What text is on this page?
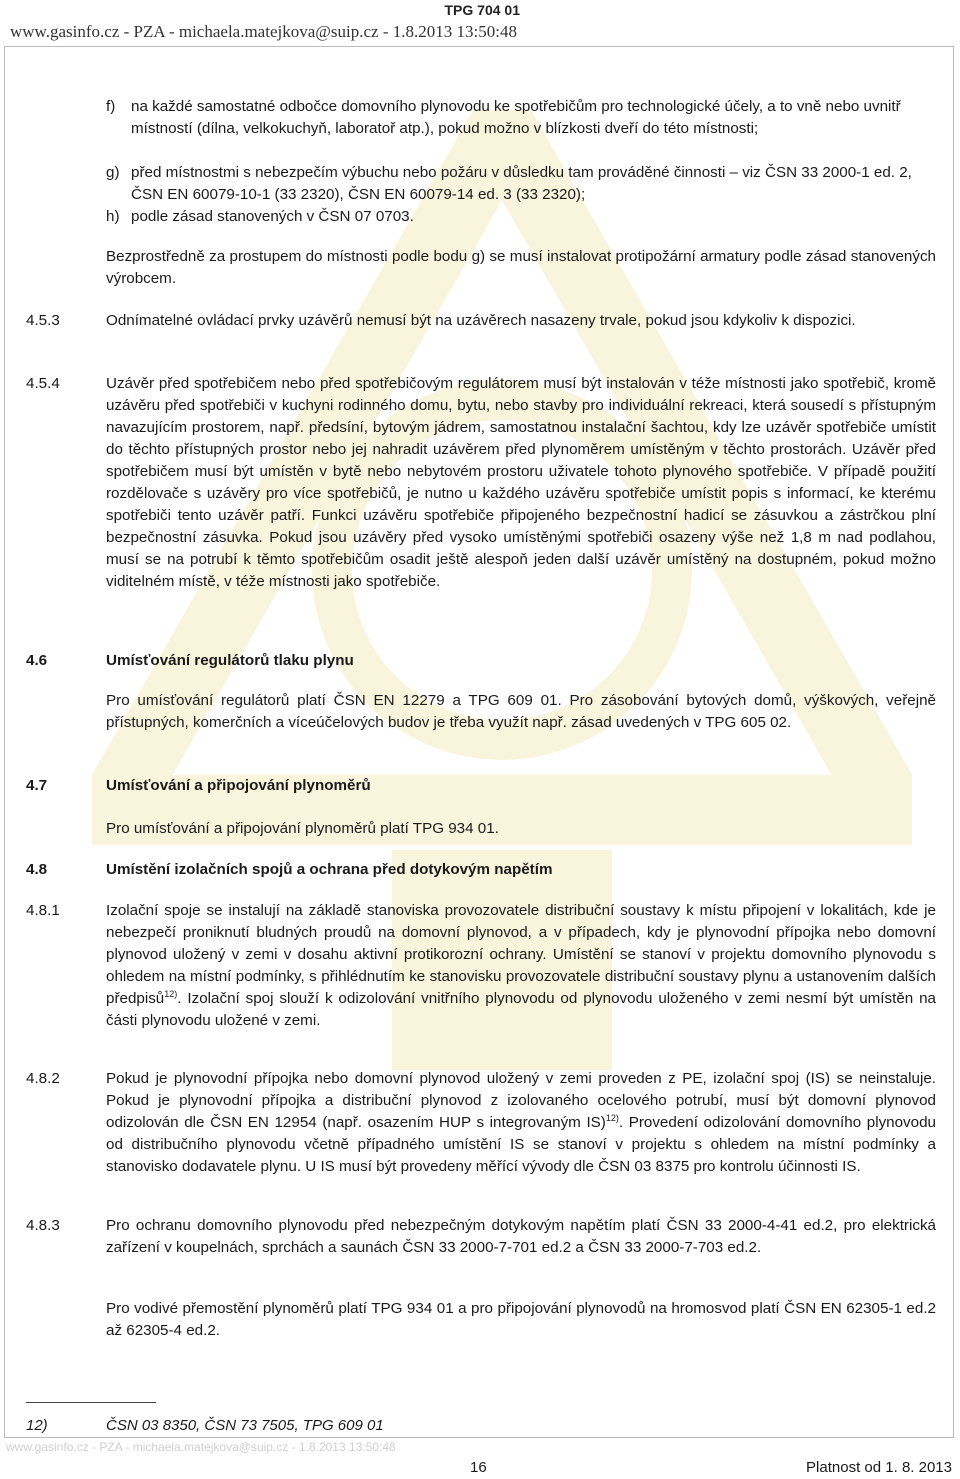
TPG 704 01
www.gasinfo.cz - PZA - michaela.matejkova@suip.cz - 1.8.2013 13:50:48
f)	na každé samostatné odbočce domovního plynovodu ke spotřebičům pro technologické účely, a to vně nebo uvnitř místností (dílna, velkokuchyň, laboratoř atp.), pokud možno v blízkosti dveří do této místnosti;
g) před místnostmi s nebezpečím výbuchu nebo požáru v důsledku tam prováděné činnosti – viz ČSN 33 2000-1 ed. 2, ČSN EN 60079-10-1 (33 2320), ČSN EN 60079-14 ed. 3 (33 2320);
h) podle zásad stanovených v ČSN 07 0703.
Bezprostředně za prostupem do místnosti podle bodu g) se musí instalovat protipožární armatury podle zásad stanovených výrobcem.
4.5.3	Odnímatelné ovládací prvky uzávěrů nemusí být na uzávěrech nasazeny trvale, pokud jsou kdykoliv k dispozici.
4.5.4	Uzávěr před spotřebičem nebo před spotřebičovým regulátorem musí být instalován v téže místnosti jako spotřebič, kromě uzávěru před spotřebiči v kuchyni rodinného domu, bytu, nebo stavby pro individuální rekreaci, která sousedí s přístupným navazujícím prostorem, např. předsíní, bytovým jádrem, samostatnou instalační šachtou, kdy lze uzávěr spotřebiče umístit do těchto přístupných prostor nebo jej nahradit uzávěrem před plynoměrem umístěným v těchto prostorách. Uzávěr před spotřebičem musí být umístěn v bytě nebo nebytovém prostoru uživatele tohoto plynového spotřebiče. V případě použití rozdělovače s uzávěry pro více spotřebičů, je nutno u každého uzávěru spotřebiče umístit popis s informací, ke kterému spotřebiči tento uzávěr patří. Funkci uzávěru spotřebiče připojeného bezpečnostní hadicí se zásuvkou a zástrčkou plní bezpečnostní zásuvka. Pokud jsou uzávěry před vysoko umístěnými spotřebiči osazeny výše než 1,8 m nad podlahou, musí se na potrubí k těmto spotřebičům osadit ještě alespoň jeden další uzávěr umístěný na dostupném, pokud možno viditelném místě, v téže místnosti jako spotřebiče.
4.6	Umísťování regulátorů tlaku plynu
Pro umísťování regulátorů platí ČSN EN 12279 a TPG 609 01. Pro zásobování bytových domů, výškových, veřejně přístupných, komerčních a víceúčelových budov je třeba využít např. zásad uvedených v TPG 605 02.
4.7	Umísťování a připojování plynoměrů
Pro umísťování a připojování plynoměrů platí TPG 934 01.
4.8	Umístění izolačních spojů a ochrana před dotykovým napětím
4.8.1	Izolační spoje se instalují na základě stanoviska provozovatele distribuční soustavy k místu připojení v lokalitách, kde je nebezpečí proniknutí bludných proudů na domovní plynovod, a v případech, kdy je plynovodní přípojka nebo domovní plynovod uložený v zemi v dosahu aktivní protikorozní ochrany. Umístění se stanoví v projektu domovního plynovodu s ohledem na místní podmínky, s přihlédnutím ke stanovisku provozovatele distribuční soustavy plynu a ustanovením dalších předpisů$^{12)}$. Izolační spoj slouží k odizolování vnitřního plynovodu od plynovodu uloženého v zemi nesmí být umístěn na části plynovodu uložené v zemi.
4.8.2	Pokud je plynovodní přípojka nebo domovní plynovod uložený v zemi proveden z PE, izolační spoj (IS) se neinstaluje. Pokud je plynovodní přípojka a distribuční plynovod z izolovaného ocelového potrubí, musí být domovní plynovod odizolován dle ČSN EN 12954 (např. osazením HUP s integrovaným IS)$^{12)}$. Provedení odizolování domovního plynovodu od distribučního plynovodu včetně případného umístění IS se stanoví v projektu s ohledem na místní podmínky a stanovisko dodavatele plynu. U IS musí být provedeny měřící vývody dle ČSN 03 8375 pro kontrolu účinnosti IS.
4.8.3	Pro ochranu domovního plynovodu před nebezpečným dotykovým napětím platí ČSN 33 2000-4-41 ed.2, pro elektrická zařízení v koupelnách, sprchách a saunách ČSN 33 2000-7-701 ed.2 a ČSN 33 2000-7-703 ed.2.
Pro vodivé přemostění plynoměrů platí TPG 934 01 a pro připojování plynovodů na hromosvod platí ČSN EN 62305-1 ed.2 až 62305-4 ed.2.
12)	ČSN 03 8350, ČSN 73 7505, TPG 609 01
www.gasinfo.cz - PZA - michaela.matejkova@suip.cz - 1.8.2013 13:50:48
16	Platnost od 1. 8. 2013
